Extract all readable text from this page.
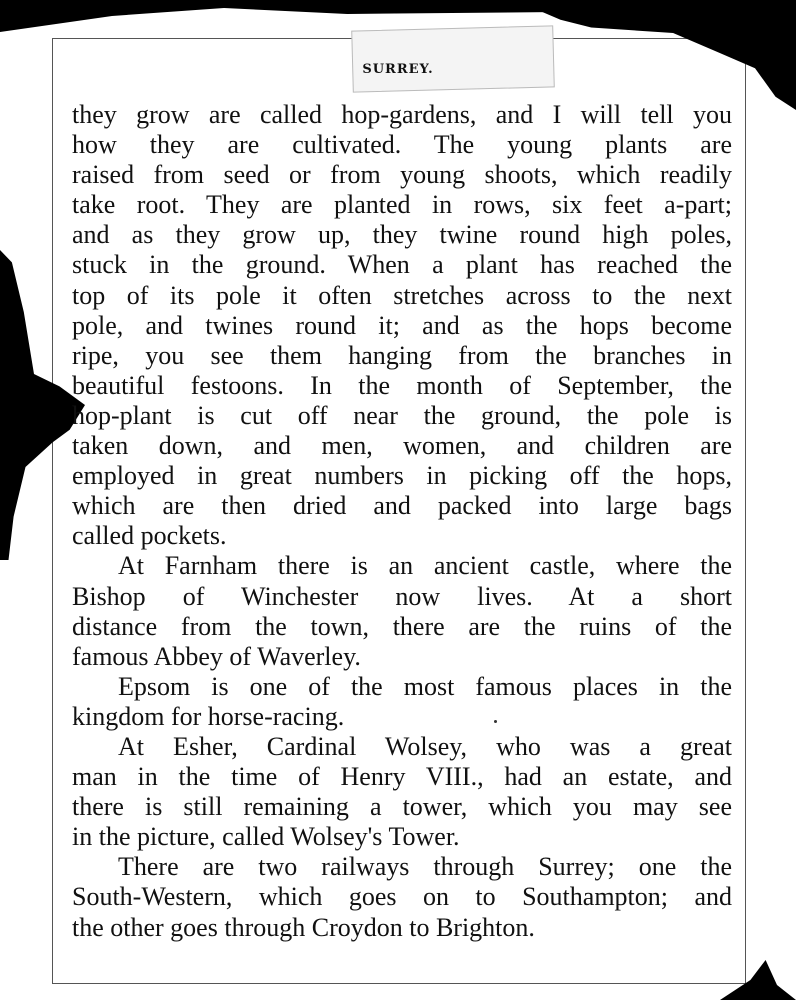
SURREY.
they grow are called hop-gardens, and I will tell you
how they are cultivated. The young plants are
raised from seed or from young shoots, which readily
take root. They are planted in rows, six feet a-part;
and as they grow up, they twine round high poles,
stuck in the ground. When a plant has reached the
top of its pole it often stretches across to the next
pole, and twines round it; and as the hops become
ripe, you see them hanging from the branches in
beautiful festoons. In the month of September, the
hop-plant is cut off near the ground, the pole is
taken down, and men, women, and children are
employed in great numbers in picking off the hops,
which are then dried and packed into large bags
called pockets.
At Farnham there is an ancient castle, where the
Bishop of Winchester now lives. At a short
distance from the town, there are the ruins of the
famous Abbey of Waverley.
Epsom is one of the most famous places in the
kingdom for horse-racing.
At Esher, Cardinal Wolsey, who was a great
man in the time of Henry VIII., had an estate, and
there is still remaining a tower, which you may see
in the picture, called Wolsey's Tower.
There are two railways through Surrey; one the
South-Western, which goes on to Southampton; and
the other goes through Croydon to Brighton.
